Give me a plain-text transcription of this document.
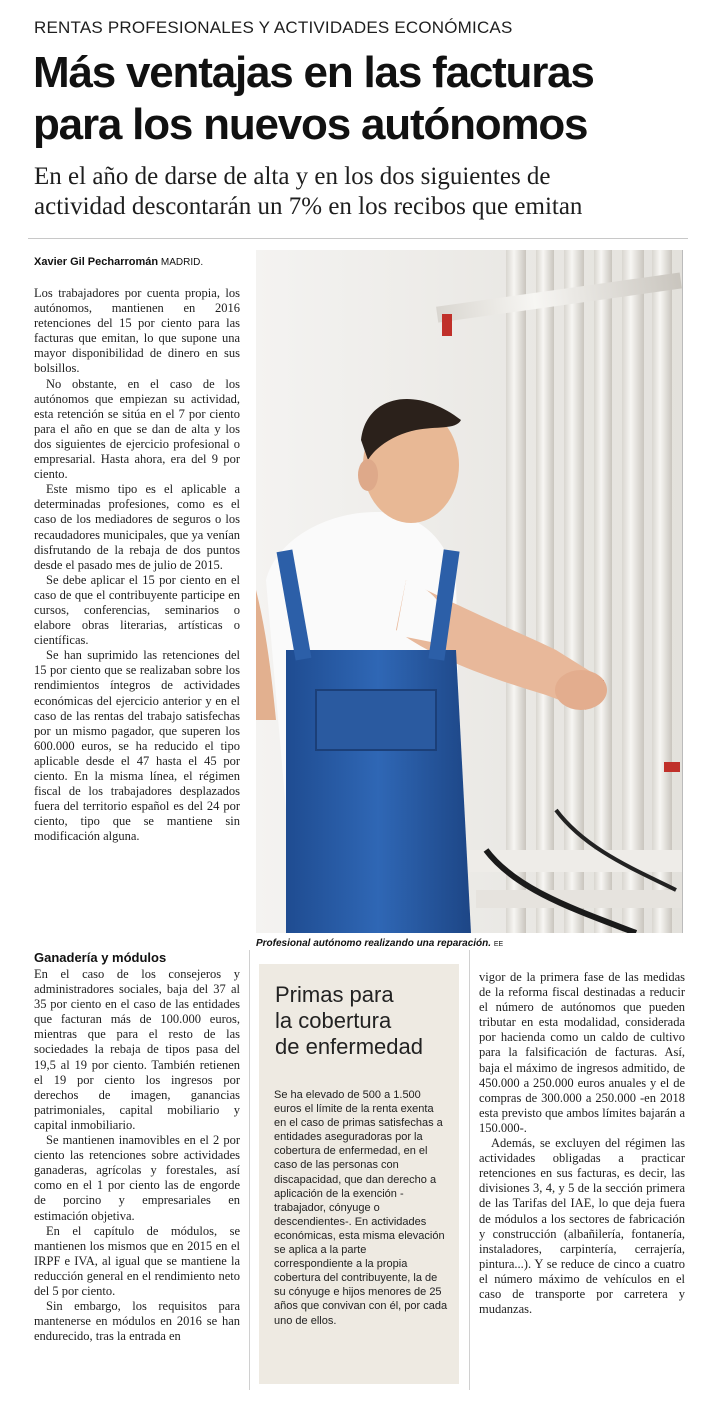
RENTAS PROFESIONALES Y ACTIVIDADES ECONÓMICAS
Más ventajas en las facturas
para los nuevos autónomos
En el año de darse de alta y en los dos siguientes de
actividad descontarán un 7% en los recibos que emitan
Xavier Gil Pecharromán MADRID.

Los trabajadores por cuenta propia, los autónomos, mantienen en 2016 retenciones del 15 por ciento para las facturas que emitan, lo que supone una mayor disponibilidad de dinero en sus bolsillos.

No obstante, en el caso de los autónomos que empiezan su actividad, esta retención se sitúa en el 7 por ciento para el año en que se dan de alta y los dos siguientes de ejercicio profesional o empresarial. Hasta ahora, era del 9 por ciento.

Este mismo tipo es el aplicable a determinadas profesiones, como es el caso de los mediadores de seguros o los recaudadores municipales, que ya venían disfrutando de la rebaja de dos puntos desde el pasado mes de julio de 2015.

Se debe aplicar el 15 por ciento en el caso de que el contribuyente participe en cursos, conferencias, seminarios o elabore obras literarias, artísticas o científicas.

Se han suprimido las retenciones del 15 por ciento que se realizaban sobre los rendimientos íntegros de actividades económicas del ejercicio anterior y en el caso de las rentas del trabajo satisfechas por un mismo pagador, que superen los 600.000 euros, se ha reducido el tipo aplicable desde el 47 hasta el 45 por ciento. En la misma línea, el régimen fiscal de los trabajadores desplazados fuera del territorio español es del 24 por ciento, tipo que se mantiene sin modificación alguna.

Ganadería y módulos

En el caso de los consejeros y administradores sociales, baja del 37 al 35 por ciento en el caso de las entidades que facturan más de 100.000 euros, mientras que para el resto de las sociedades la rebaja de tipos pasa del 19,5 al 19 por ciento. También retienen el 19 por ciento los ingresos por derechos de imagen, ganancias patrimoniales, capital mobiliario y capital inmobiliario.

Se mantienen inamovibles en el 2 por ciento las retenciones sobre actividades ganaderas, agrícolas y forestales, así como en el 1 por ciento las de engorde de porcino y empresariales en estimación objetiva.

En el capítulo de módulos, se mantienen los mismos que en 2015 en el IRPF e IVA, al igual que se mantiene la reducción general en el rendimiento neto del 5 por ciento.

Sin embargo, los requisitos para mantenerse en módulos en 2016 se han endurecido, tras la entrada en

Profesional autónomo realizando una reparación. EE
Primas para
la cobertura
de enfermedad
Se ha elevado de 500 a 1.500 euros el límite de la renta exenta en el caso de primas satisfechas a entidades aseguradoras por la cobertura de enfermedad, en el caso de las personas con discapacidad, que dan derecho a aplicación de la exención -trabajador, cónyuge o descendientes-. En actividades económicas, esta misma elevación se aplica a la parte correspondiente a la propia cobertura del contribuyente, la de su cónyuge e hijos menores de 25 años que convivan con él, por cada uno de ellos.

vigor de la primera fase de las medidas de la reforma fiscal destinadas a reducir el número de autónomos que pueden tributar en esta modalidad, considerada por hacienda como un caldo de cultivo para la falsificación de facturas. Así, baja el máximo de ingresos admitido, de 450.000 a 250.000 euros anuales y el de compras de 300.000 a 250.000 -en 2018 esta previsto que ambos límites bajarán a 150.000-.

Además, se excluyen del régimen las actividades obligadas a practicar retenciones en sus facturas, es decir, las divisiones 3, 4, y 5 de la sección primera de las Tarifas del IAE, lo que deja fuera de módulos a los sectores de fabricación y construcción (albañilería, fontanería, instaladores, carpintería, cerrajería, pintura...). Y se reduce de cinco a cuatro el número máximo de vehículos en el caso de transporte por carretera y mudanzas.
